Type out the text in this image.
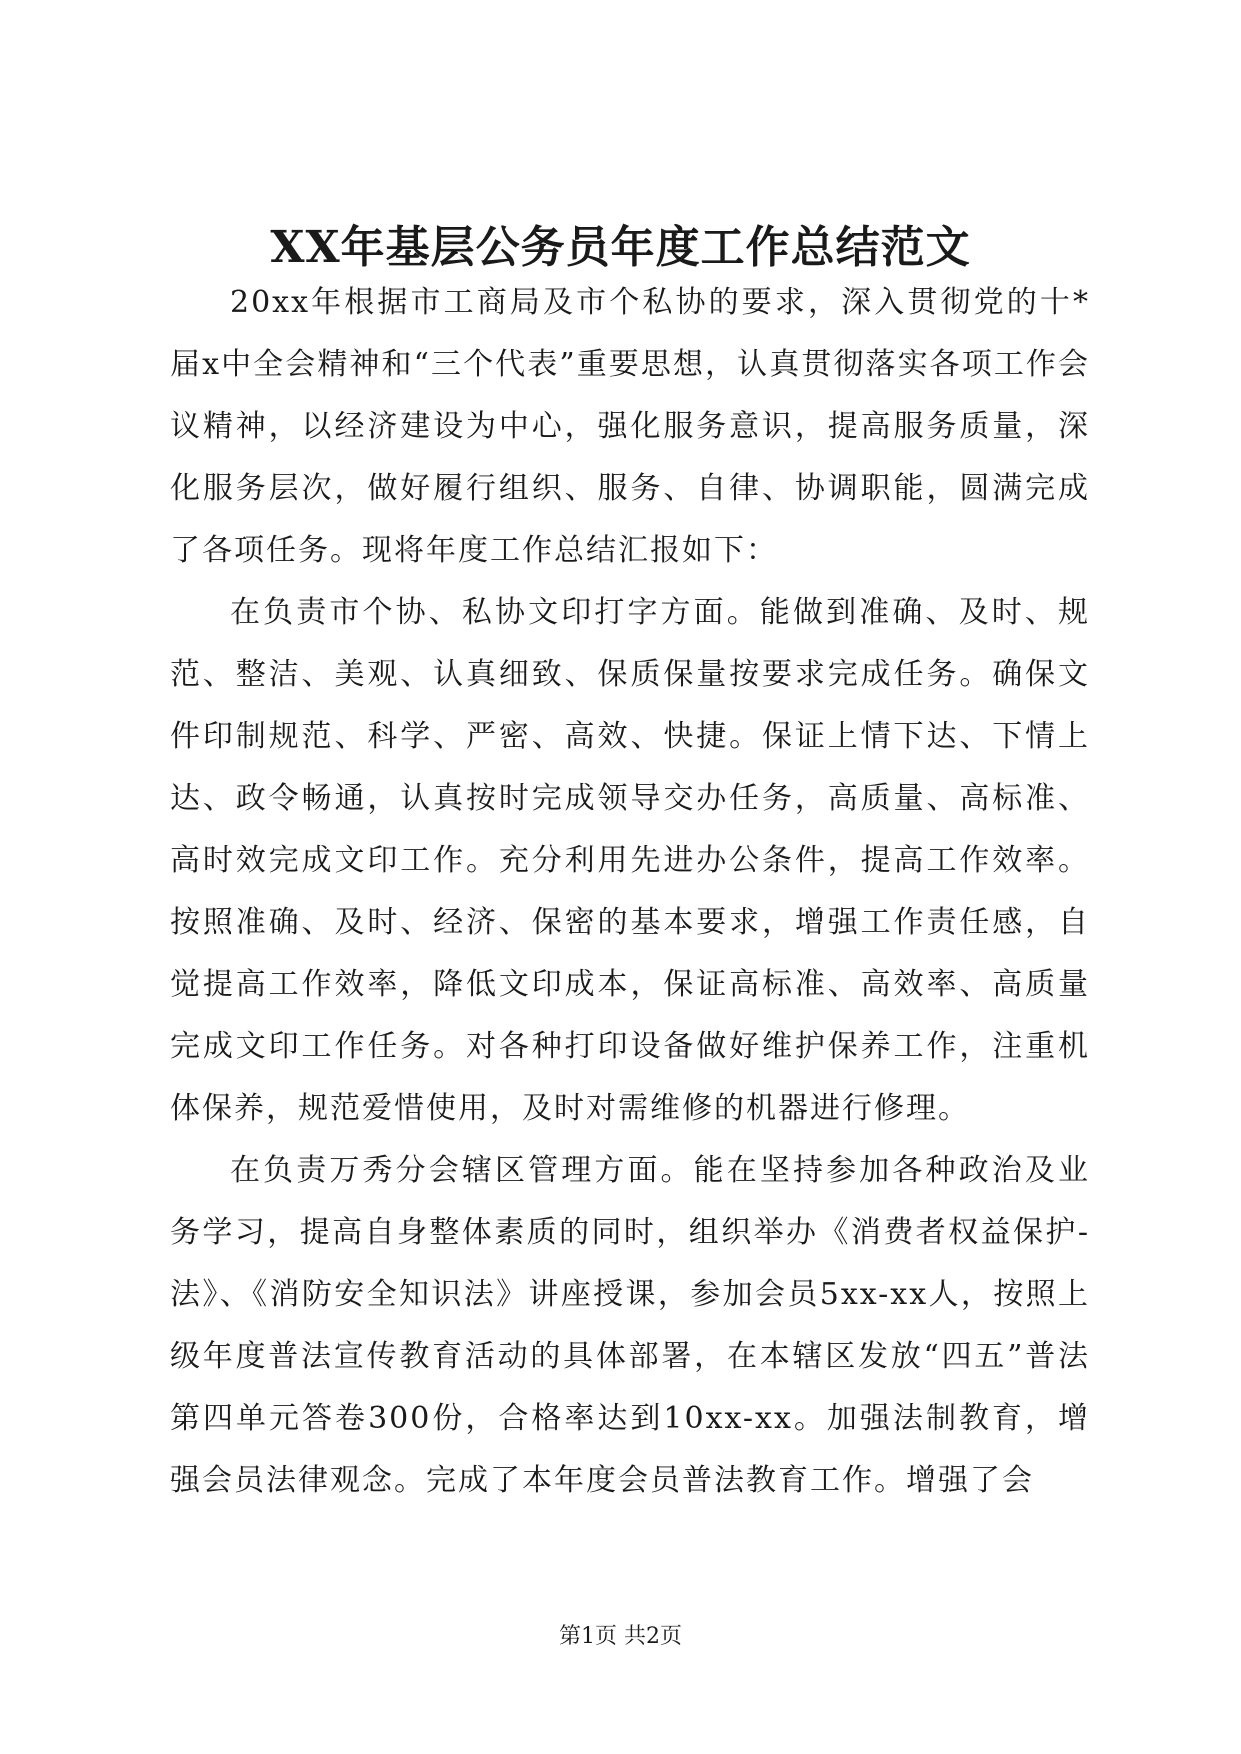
XX年基层公务员年度工作总结范文

20xx年根据市工商局及市个私协的要求，深入贯彻党的十*届x中全会精神和“三个代表”重要思想，认真贯彻落实各项工作会议精神，以经济建设为中心，强化服务意识，提高服务质量，深化服务层次，做好履行组织、服务、自律、协调职能，圆满完成了各项任务。现将年度工作总结汇报如下：

在负责市个协、私协文印打字方面。能做到准确、及时、规范、整洁、美观、认真细致、保质保量按要求完成任务。确保文件印制规范、科学、严密、高效、快捷。保证上情下达、下情上达、政令畅通，认真按时完成领导交办任务，高质量、高标准、高时效完成文印工作。充分利用先进办公条件，提高工作效率。按照准确、及时、经济、保密的基本要求，增强工作责任感，自觉提高工作效率，降低文印成本，保证高标准、高效率、高质量完成文印工作任务。对各种打印设备做好维护保养工作，注重机体保养，规范爱惜使用，及时对需维修的机器进行修理。

在负责万秀分会辖区管理方面。能在坚持参加各种政治及业务学习，提高自身整体素质的同时，组织举办《消费者权益保护-法》、《消防安全知识法》讲座授课，参加会员5xx-xx人，按照上级年度普法宣传教育活动的具体部署，在本辖区发放“四五”普法第四单元答卷300份，合格率达到10xx-xx。加强法制教育，增强会员法律观念。完成了本年度会员普法教育工作。增强了会

第1页 共2页
